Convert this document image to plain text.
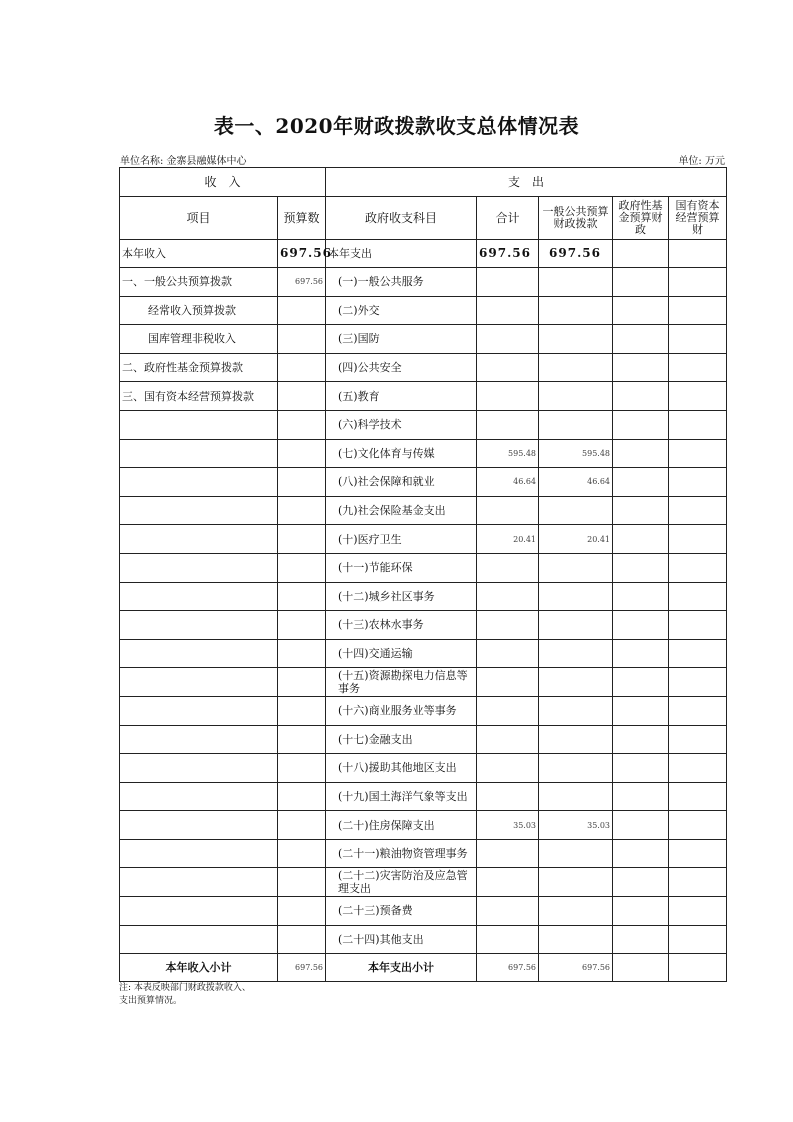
表一、2020年财政拨款收支总体情况表
单位名称: 金寨县融媒体中心	单位: 万元
收　入		支　出				
项目	预算数	政府收支科目	合计	一般公共预算财政拨款	政府性基金预算财政	国有资本经营预算财
本年收入	697.56	本年支出	697.56	697.56		
一、一般公共预算拨款	697.56	(一)一般公共服务				
经常收入预算拨款		(二)外交				
国库管理非税收入		(三)国防				
二、政府性基金预算拨款		(四)公共安全				
三、国有资本经营预算拨款		(五)教育				
		(六)科学技术				
		(七)文化体育与传媒	595.48	595.48		
		(八)社会保障和就业	46.64	46.64		
		(九)社会保险基金支出				
		(十)医疗卫生	20.41	20.41		
		(十一)节能环保				
		(十二)城乡社区事务				
		(十三)农林水事务				
		(十四)交通运输				
		(十五)资源勘探电力信息等事务				
		(十六)商业服务业等事务				
		(十七)金融支出				
		(十八)援助其他地区支出				
		(十九)国土海洋气象等支出				
		(二十)住房保障支出	35.03	35.03		
		(二十一)粮油物资管理事务				
		(二十二)灾害防治及应急管理支出				
		(二十三)预备费				
		(二十四)其他支出				
本年收入小计	697.56	本年支出小计	697.56	697.56		
注: 本表反映部门财政拨款收入、
支出预算情况。
